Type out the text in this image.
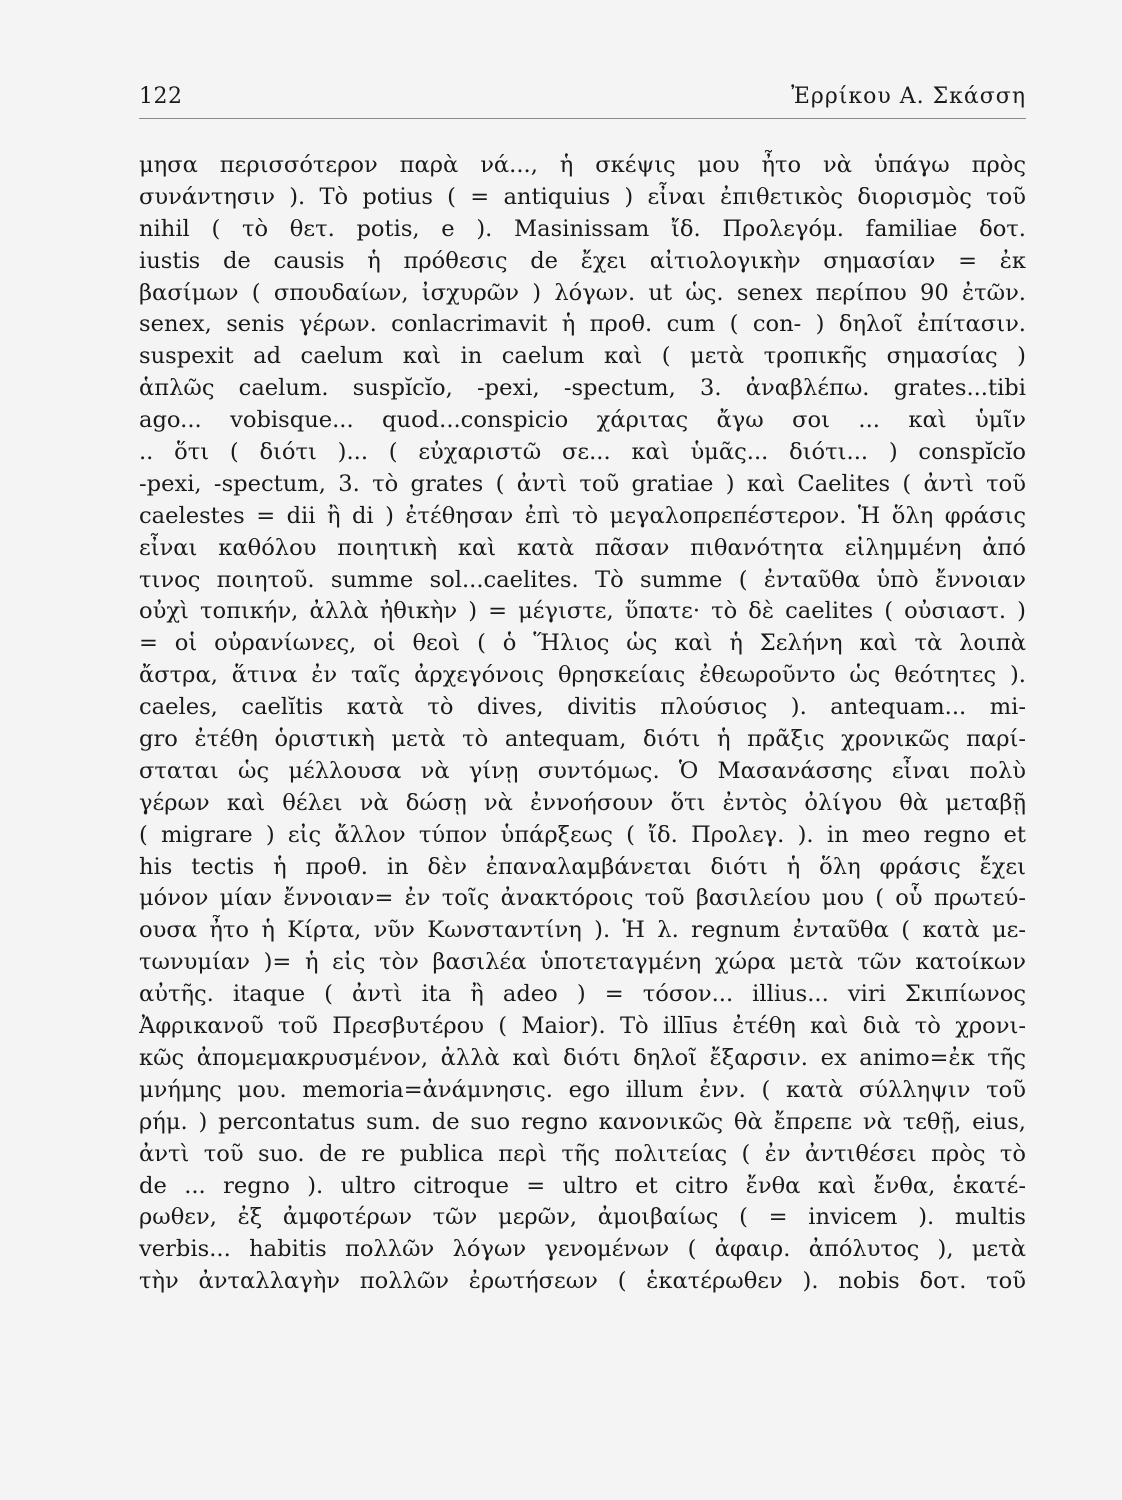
122	Ἐρρίκου Α. Σκάσση
μησα περισσότερον παρὰ νά..., ἡ σκέψις μου ἦτο νὰ ὑπάγω πρὸς
συνάντησιν ). Τὸ potius ( = antiquius ) εἶναι ἐπιθετικὸς διορισμὸς τοῦ
nihil ( τὸ θετ. potis, e ). Masinissam ἴδ. Προλεγόμ. familiae δοτ.
iustis de causis ἡ πρόθεσις de ἔχει αἰτιολογικὴν σημασίαν = ἐκ
βασίμων ( σπουδαίων, ἰσχυρῶν ) λόγων. ut ὡς. senex περίπου 90 ἐτῶν.
senex, senis γέρων. conlacrimavit ἡ προθ. cum ( con- ) δηλοῖ ἐπίτασιν.
suspexit ad caelum καὶ in caelum καὶ ( μετὰ τροπικῆς σημασίας )
ἁπλῶς caelum. suspĭcĭo, -pexi, -spectum, 3. ἀναβλέπω. grates...tibi
ago... vobisque... quod...conspicio χάριτας ἄγω σοι ... καὶ ὑμῖν
.. ὅτι ( διότι )... ( εὐχαριστῶ σε... καὶ ὑμᾶς... διότι... ) conspĭcĭo
-pexi, -spectum, 3. τὸ grates ( ἀντὶ τοῦ gratiae ) καὶ Caelites ( ἀντὶ τοῦ
caelestes = dii ἢ di ) ἐτέθησαν ἐπὶ τὸ μεγαλοπρεπέστερον. Ἡ ὅλη φράσις
εἶναι καθόλου ποιητικὴ καὶ κατὰ πᾶσαν πιθανότητα εἰλημμένη ἀπό
τινος ποιητοῦ. summe sol...caelites. Τὸ summe ( ἐνταῦθα ὑπὸ ἔννοιαν
οὐχὶ τοπικήν, ἀλλὰ ἠθικὴν ) = μέγιστε, ὕπατε· τὸ δὲ caelites ( οὐσιαστ. )
= οἱ οὐρανίωνες, οἱ θεοὶ ( ὁ Ἥλιος ὡς καὶ ἡ Σελήνη καὶ τὰ λοιπὰ
ἄστρα, ἅτινα ἐν ταῖς ἀρχεγόνοις θρησκείαις ἐθεωροῦντο ὡς θεότητες ).
caeles, caelĭtis κατὰ τὸ dives, divitis πλούσιος ). antequam... mi-
gro ἐτέθη ὁριστικὴ μετὰ τὸ antequam, διότι ἡ πρᾶξις χρονικῶς παρί-
σταται ὡς μέλλουσα νὰ γίνῃ συντόμως. Ὁ Μασανάσσης εἶναι πολὺ
γέρων καὶ θέλει νὰ δώσῃ νὰ ἐννοήσουν ὅτι ἐντὸς ὀλίγου θὰ μεταβῇ
( migrare ) εἰς ἄλλον τύπον ὑπάρξεως ( ἴδ. Προλεγ. ). in meo regno et
his tectis ἡ προθ. in δὲν ἐπαναλαμβάνεται διότι ἡ ὅλη φράσις ἔχει
μόνον μίαν ἔννοιαν= ἐν τοῖς ἀνακτόροις τοῦ βασιλείου μου ( οὗ πρωτεύ-
ουσα ἦτο ἡ Κίρτα, νῦν Κωνσταντίνη ). Ἡ λ. regnum ἐνταῦθα ( κατὰ με-
τωνυμίαν )= ἡ εἰς τὸν βασιλέα ὑποτεταγμένη χώρα μετὰ τῶν κατοίκων
αὐτῆς. itaque ( ἀντὶ ita ἢ adeo ) = τόσον... illius... viri Σκιπίωνος
Ἀφρικανοῦ τοῦ Πρεσβυτέρου ( Maior). Τὸ illīus ἐτέθη καὶ διὰ τὸ χρονι-
κῶς ἀπομεμακρυσμένον, ἀλλὰ καὶ διότι δηλοῖ ἔξαρσιν. ex animo=ἐκ τῆς
μνήμης μου. memoria=ἀνάμνησις. ego illum ἐνν. ( κατὰ σύλληψιν τοῦ
ρήμ. ) percontatus sum. de suo regno κανονικῶς θὰ ἔπρεπε νὰ τεθῇ, eius,
ἀντὶ τοῦ suo. de re publica περὶ τῆς πολιτείας ( ἐν ἀντιθέσει πρὸς τὸ
de ... regno ). ultro citroque = ultro et citro ἔνθα καὶ ἔνθα, ἑκατέ-
ρωθεν, ἐξ ἀμφοτέρων τῶν μερῶν, ἀμοιβαίως ( = invicem ). multis
verbis... habitis πολλῶν λόγων γενομένων ( ἀφαιρ. ἀπόλυτος ), μετὰ
τὴν ἀνταλλαγὴν πολλῶν ἐρωτήσεων ( ἑκατέρωθεν ). nobis δοτ. τοῦ
